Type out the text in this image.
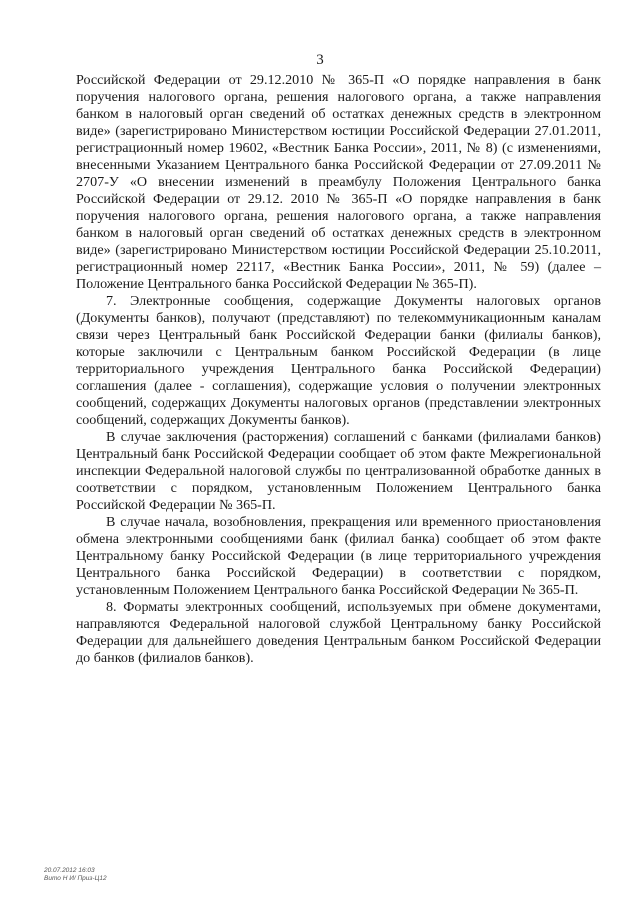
3

Российской Федерации от 29.12.2010 № 365-П «О порядке направления в банк поручения налогового органа, решения налогового органа, а также направления банком в налоговый орган сведений об остатках денежных средств в электронном виде» (зарегистрировано Министерством юстиции Российской Федерации 27.01.2011, регистрационный номер 19602, «Вестник Банка России», 2011, № 8) (с изменениями, внесенными Указанием Центрального банка Российской Федерации от 27.09.2011 № 2707-У «О внесении изменений в преамбулу Положения Центрального банка Российской Федерации от 29.12. 2010 № 365-П «О порядке направления в банк поручения налогового органа, решения налогового органа, а также направления банком в налоговый орган сведений об остатках денежных средств в электронном виде» (зарегистрировано Министерством юстиции Российской Федерации 25.10.2011, регистрационный номер 22117, «Вестник Банка России», 2011, № 59) (далее – Положение Центрального банка Российской Федерации № 365-П).

7. Электронные сообщения, содержащие Документы налоговых органов (Документы банков), получают (представляют) по телекоммуникационным каналам связи через Центральный банк Российской Федерации банки (филиалы банков), которые заключили с Центральным банком Российской Федерации (в лице территориального учреждения Центрального банка Российской Федерации) соглашения (далее - соглашения), содержащие условия о получении электронных сообщений, содержащих Документы налоговых органов (представлении электронных сообщений, содержащих Документы банков).

В случае заключения (расторжения) соглашений с банками (филиалами банков) Центральный банк Российской Федерации сообщает об этом факте Межрегиональной инспекции Федеральной налоговой службы по централизованной обработке данных в соответствии с порядком, установленным Положением Центрального банка Российской Федерации № 365-П.

В случае начала, возобновления, прекращения или временного приостановления обмена электронными сообщениями банк (филиал банка) сообщает об этом факте Центральному банку Российской Федерации (в лице территориального учреждения Центрального банка Российской Федерации) в соответствии с порядком, установленным Положением Центрального банка Российской Федерации № 365-П.

8. Форматы электронных сообщений, используемых при обмене документами, направляются Федеральной налоговой службой Центральному банку Российской Федерации для дальнейшего доведения Центральным банком Российской Федерации до банков (филиалов банков).

20.07.2012 16:03
Вито Н И/ Приз-Ц12
